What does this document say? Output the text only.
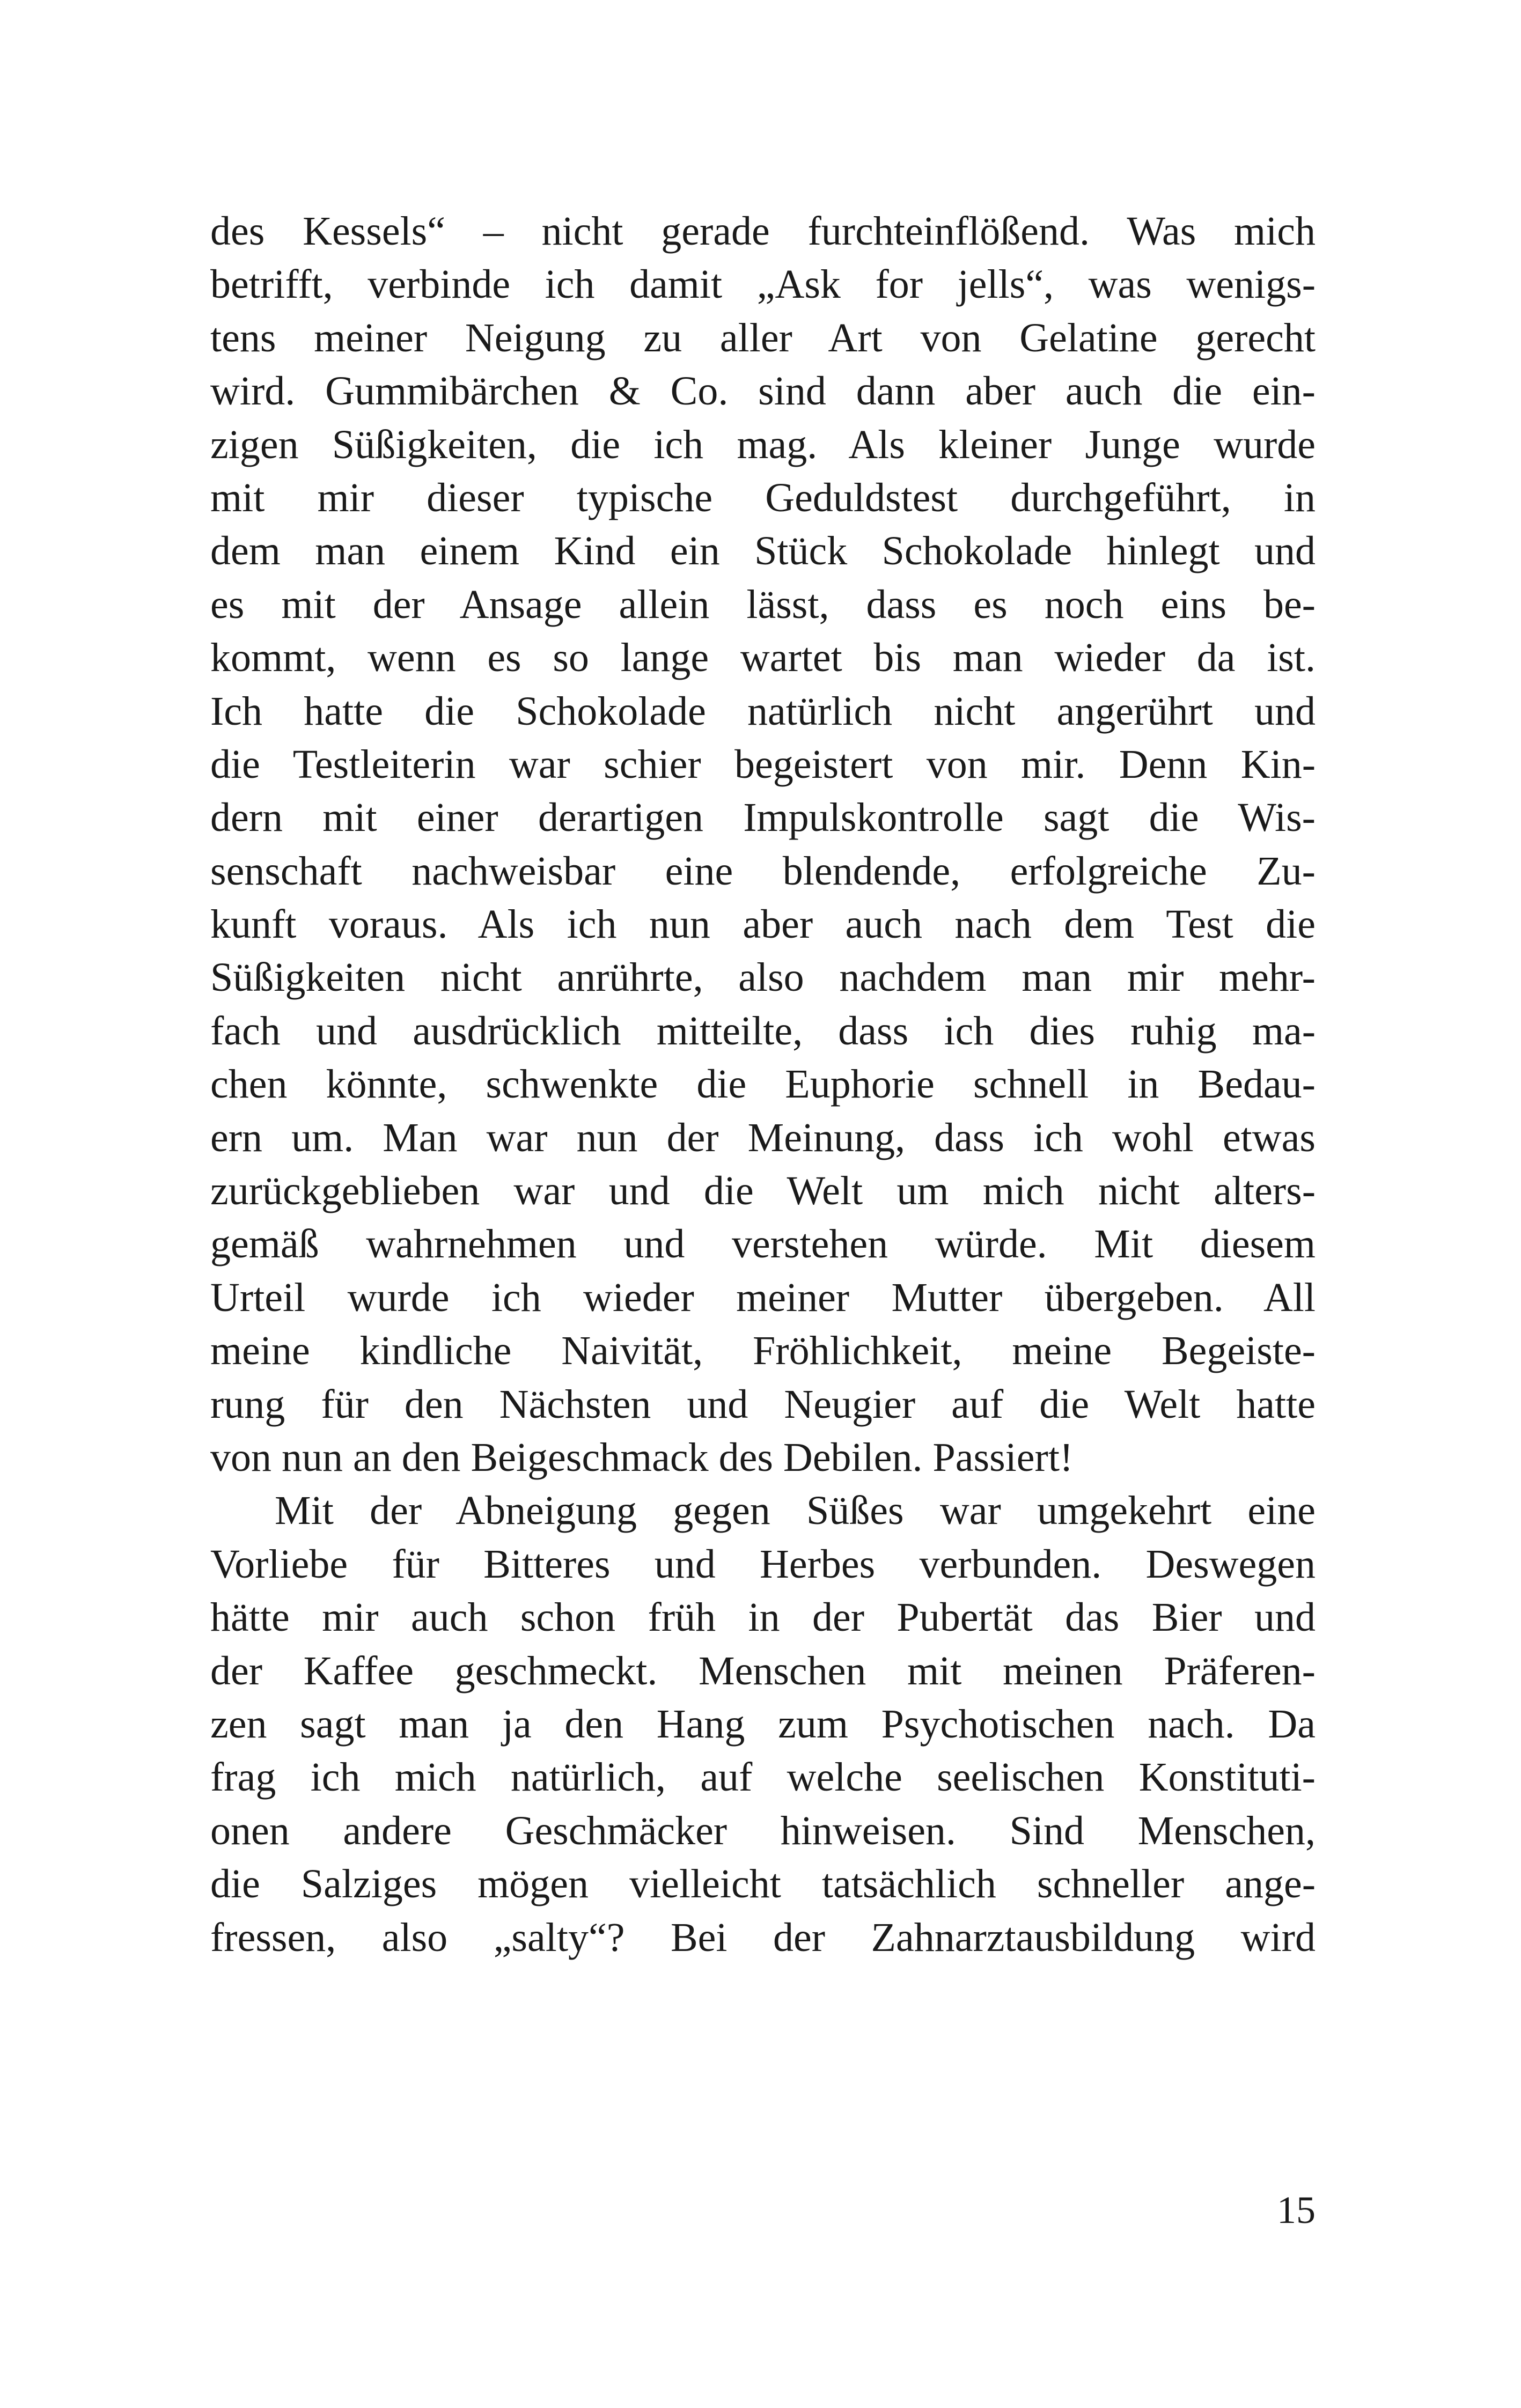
des Kessels“ – nicht gerade furchteinflößend. Was mich
betrifft, verbinde ich damit „Ask for jells“, was wenigs-
tens meiner Neigung zu aller Art von Gelatine gerecht
wird. Gummibärchen & Co. sind dann aber auch die ein-
zigen Süßigkeiten, die ich mag. Als kleiner Junge wurde
mit mir dieser typische Geduldstest durchgeführt, in
dem man einem Kind ein Stück Schokolade hinlegt und
es mit der Ansage allein lässt, dass es noch eins be-
kommt, wenn es so lange wartet bis man wieder da ist.
Ich hatte die Schokolade natürlich nicht angerührt und
die Testleiterin war schier begeistert von mir. Denn Kin-
dern mit einer derartigen Impulskontrolle sagt die Wis-
senschaft nachweisbar eine blendende, erfolgreiche Zu-
kunft voraus. Als ich nun aber auch nach dem Test die
Süßigkeiten nicht anrührte, also nachdem man mir mehr-
fach und ausdrücklich mitteilte, dass ich dies ruhig ma-
chen könnte, schwenkte die Euphorie schnell in Bedau-
ern um. Man war nun der Meinung, dass ich wohl etwas
zurückgeblieben war und die Welt um mich nicht alters-
gemäß wahrnehmen und verstehen würde. Mit diesem
Urteil wurde ich wieder meiner Mutter übergeben. All
meine kindliche Naivität, Fröhlichkeit, meine Begeiste-
rung für den Nächsten und Neugier auf die Welt hatte
von nun an den Beigeschmack des Debilen. Passiert!
Mit der Abneigung gegen Süßes war umgekehrt eine
Vorliebe für Bitteres und Herbes verbunden. Deswegen
hätte mir auch schon früh in der Pubertät das Bier und
der Kaffee geschmeckt. Menschen mit meinen Präferen-
zen sagt man ja den Hang zum Psychotischen nach. Da
frag ich mich natürlich, auf welche seelischen Konstituti-
onen andere Geschmäcker hinweisen. Sind Menschen,
die Salziges mögen vielleicht tatsächlich schneller ange-
fressen, also „salty“? Bei der Zahnarztausbildung wird
15
